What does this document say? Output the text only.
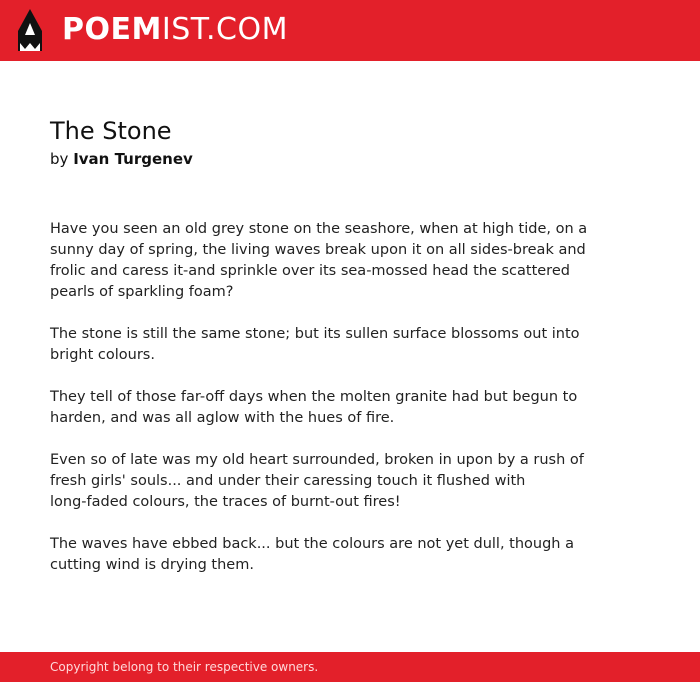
POEMIST.COM
The Stone
by Ivan Turgenev

Have you seen an old grey stone on the seashore, when at high tide, on a
sunny day of spring, the living waves break upon it on all sides-break and
frolic and caress it-and sprinkle over its sea-mossed head the scattered
pearls of sparkling foam?

The stone is still the same stone; but its sullen surface blossoms out into
bright colours.

They tell of those far-off days when the molten granite had but begun to
harden, and was all aglow with the hues of fire.

Even so of late was my old heart surrounded, broken in upon by a rush of
fresh girls' souls... and under their caressing touch it flushed with
long-faded colours, the traces of burnt-out fires!

The waves have ebbed back... but the colours are not yet dull, though a
cutting wind is drying them.

Copyright belong to their respective owners.
